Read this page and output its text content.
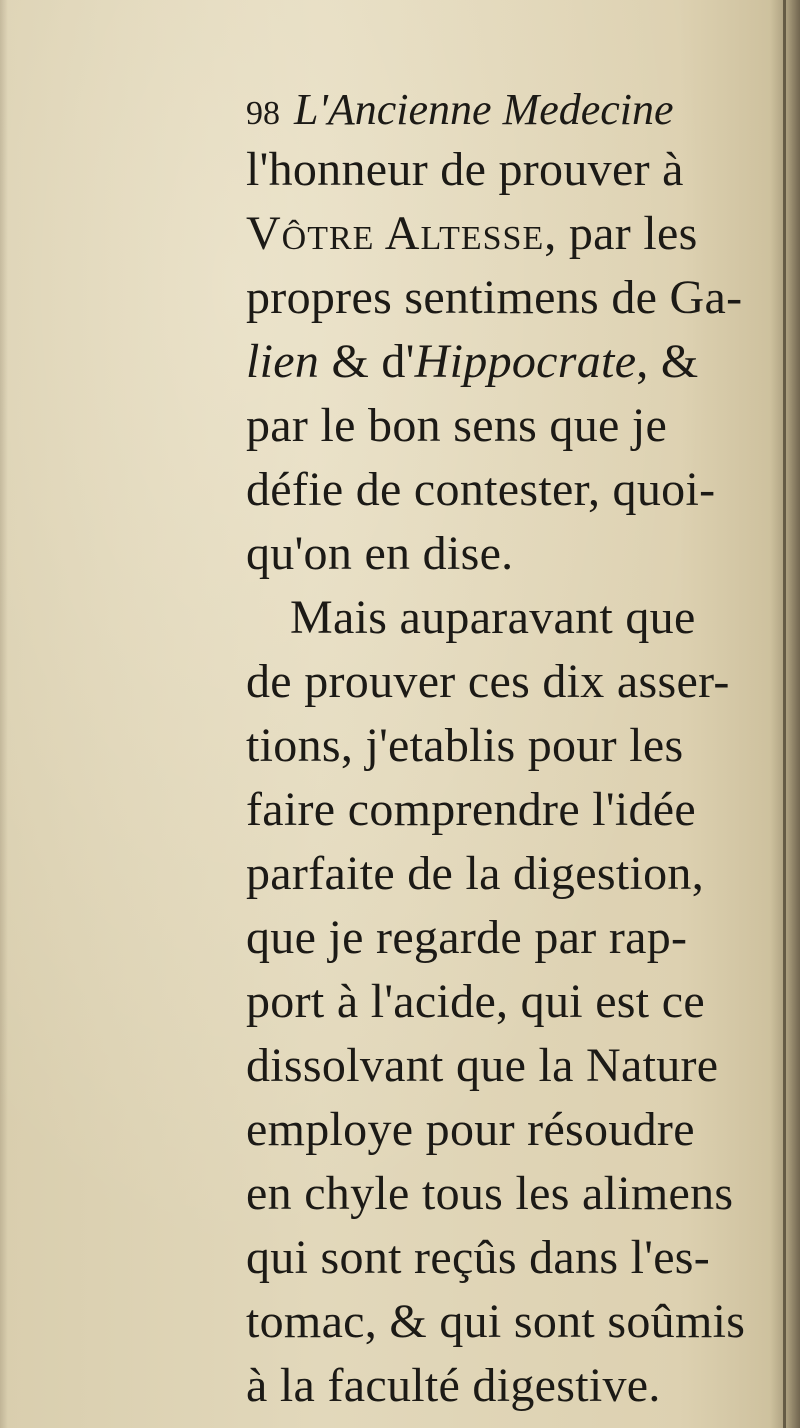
98 L'Ancienne Medecine
l'honneur de prouver à
Vôtre Altesse, par les
propres sentimens de Ga-
lien & d'Hippocrate, &
par le bon sens que je
défie de contester, quoi-
qu'on en dise.
Mais auparavant que
de prouver ces dix asser-
tions, j'etablis pour les
faire comprendre l'idée
parfaite de la digestion,
que je regarde par rap-
port à l'acide, qui est ce
dissolvant que la Nature
employe pour résoudre
en chyle tous les alimens
qui sont reçûs dans l'es-
tomac, & qui sont soûmis
à la faculté digestive.
